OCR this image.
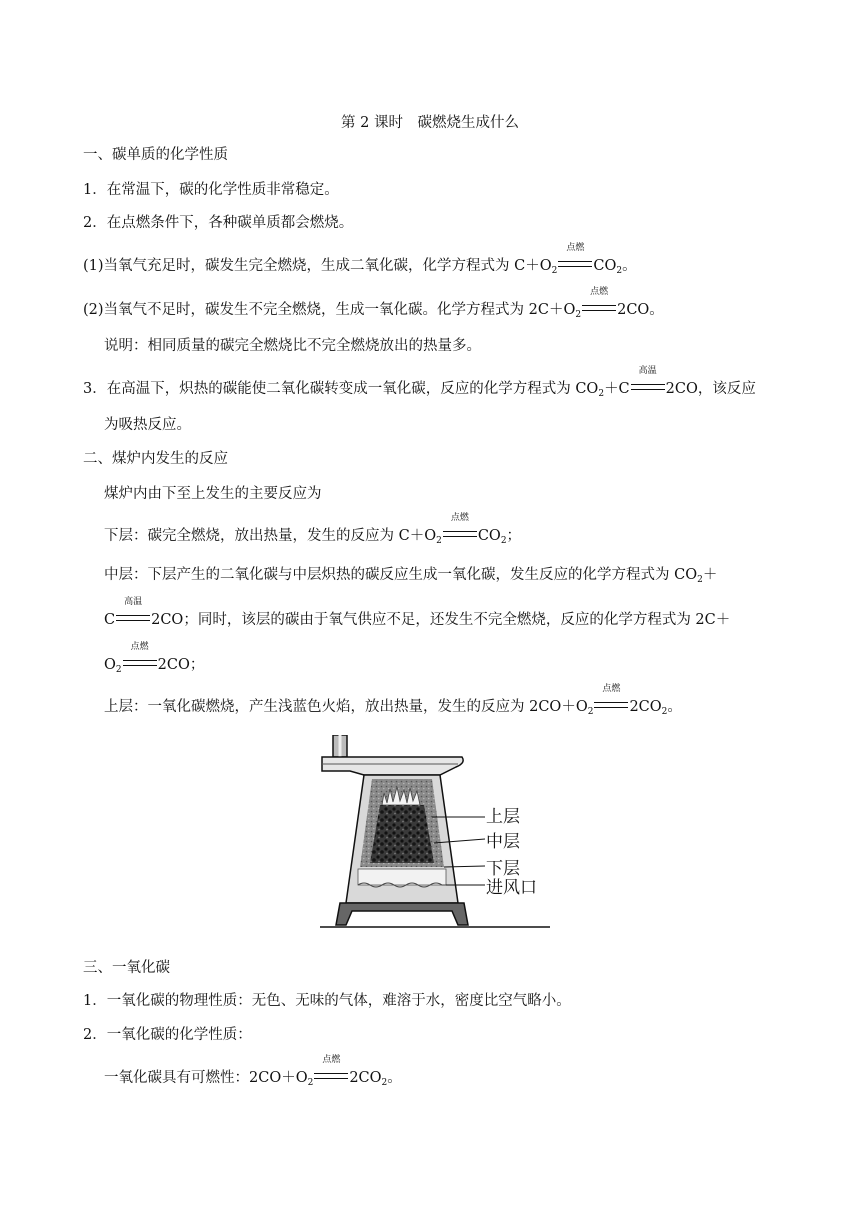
第 2 课时　碳燃烧生成什么
一、碳单质的化学性质
1．在常温下，碳的化学性质非常稳定。
2．在点燃条件下，各种碳单质都会燃烧。
(1)当氧气充足时，碳发生完全燃烧，生成二氧化碳，化学方程式为 $C+O_2$
点燃
$CO_2$。
(2)当氧气不足时，碳发生不完全燃烧，生成一氧化碳。化学方程式为 $2C+O_2$
点燃
2CO。
说明：相同质量的碳完全燃烧比不完全燃烧放出的热量多。
3．在高温下，炽热的碳能使二氧化碳转变成一氧化碳，反应的化学方程式为 $CO_2+C$
高温
2CO，该反应
为吸热反应。
二、煤炉内发生的反应
煤炉内由下至上发生的主要反应为
下层：碳完全燃烧，放出热量，发生的反应为 $C+O_2$
点燃
$CO_2$；
中层：下层产生的二氧化碳与中层炽热的碳反应生成一氧化碳，发生反应的化学方程式为 $CO_2+$
C
高温
2CO；同时，该层的碳由于氧气供应不足，还发生不完全燃烧，反应的化学方程式为 2C＋
$O_2$
点燃
2CO；
上层：一氧化碳燃烧，产生浅蓝色火焰，放出热量，发生的反应为 $2CO+O_2$
点燃
$2CO_2$。
上层
中层
下层
进风口
三、一氧化碳
1．一氧化碳的物理性质：无色、无味的气体，难溶于水，密度比空气略小。
2．一氧化碳的化学性质：
一氧化碳具有可燃性：$2CO+O_2$
点燃
$2CO_2$。
